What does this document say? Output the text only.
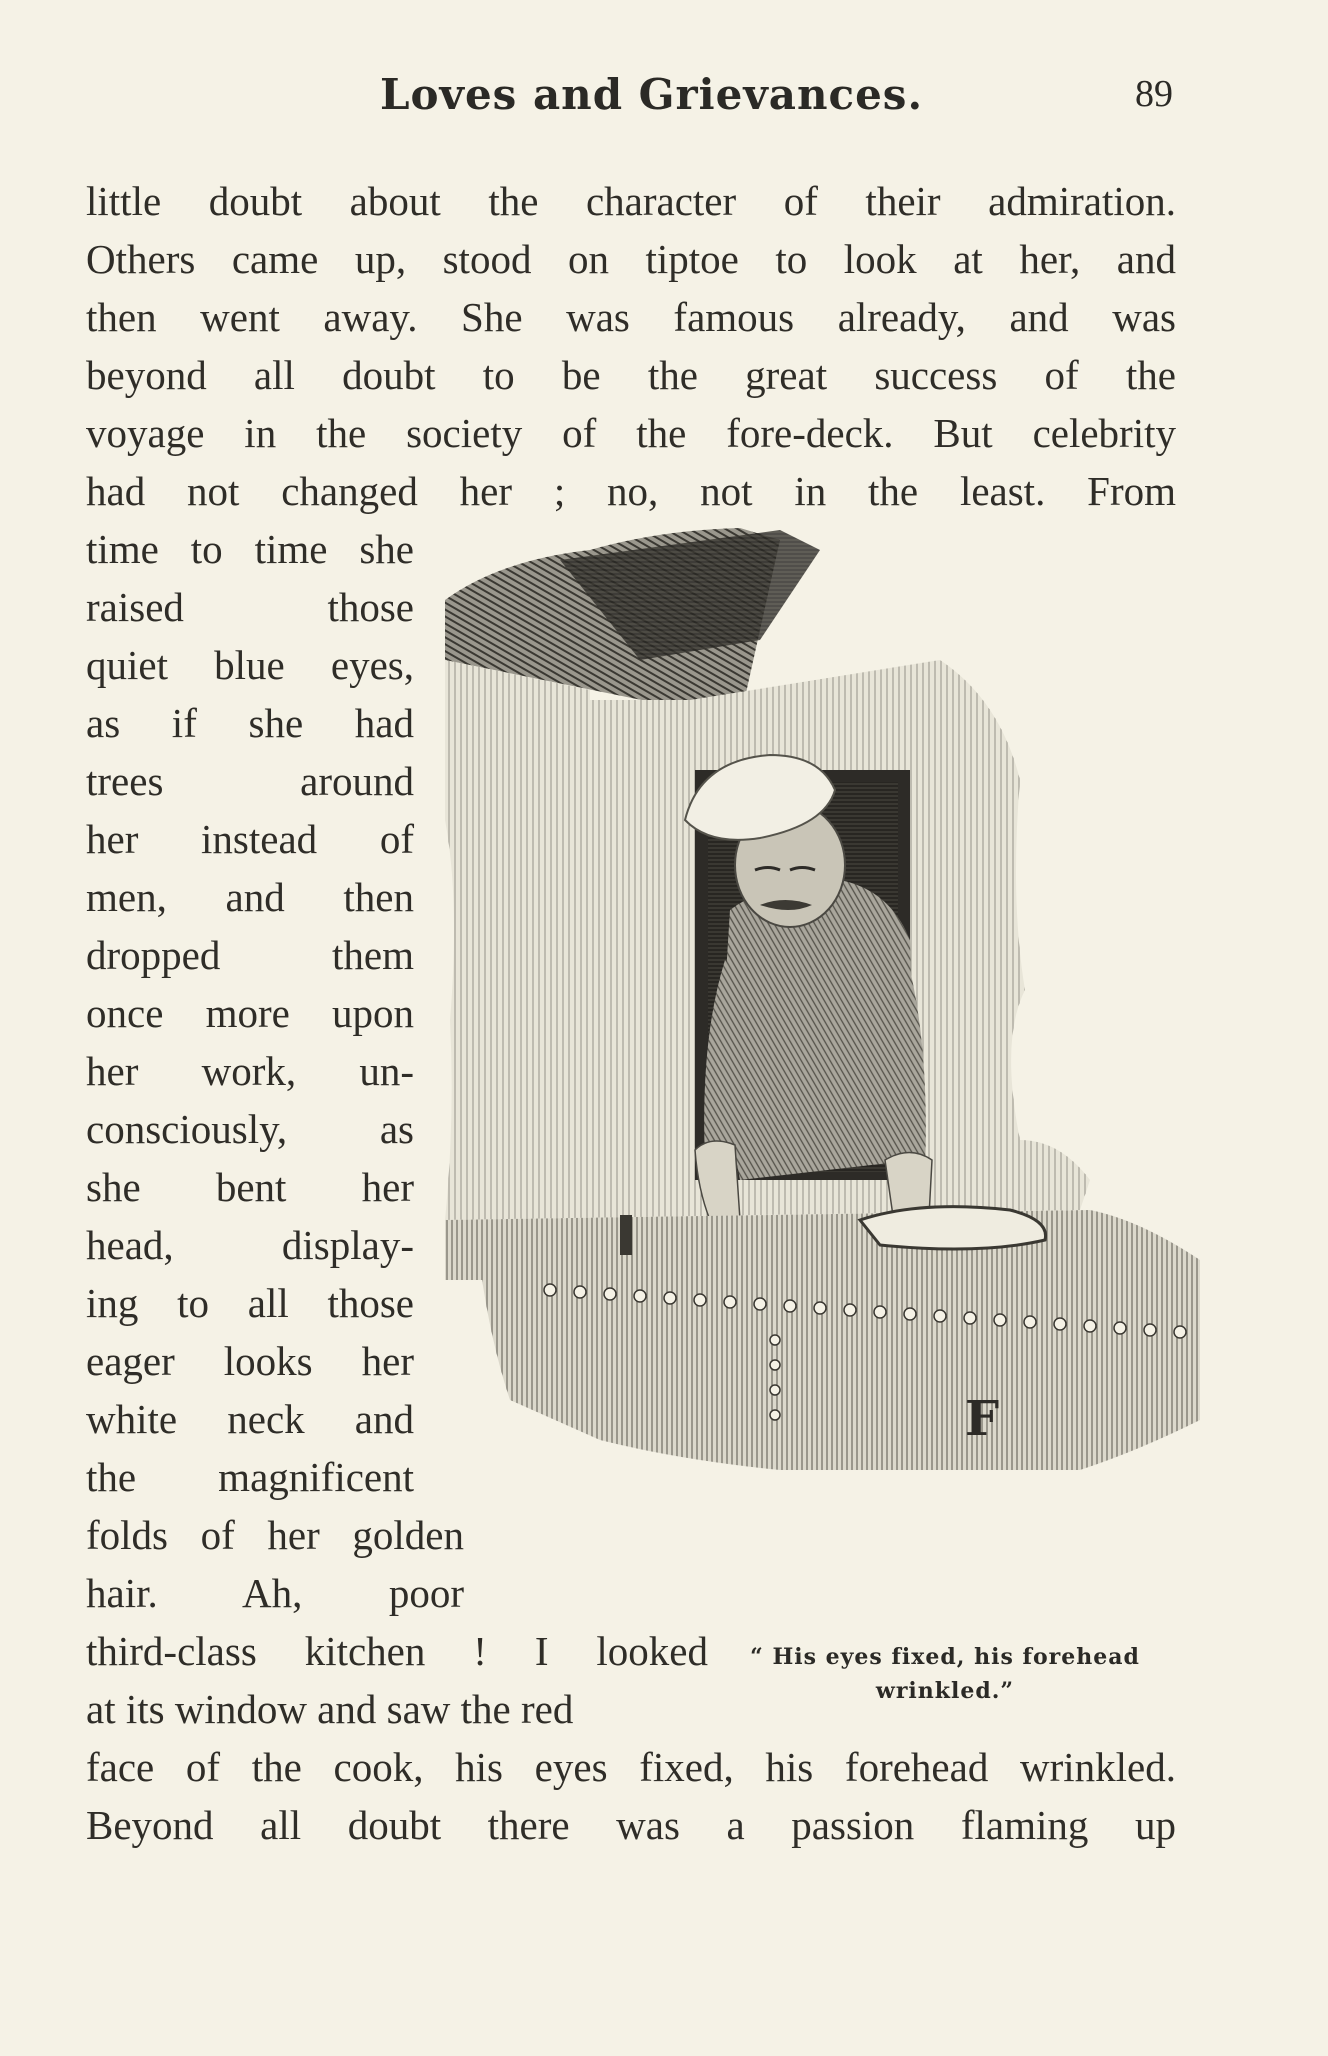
Loves and Grievances.	89
little doubt about the character of their admiration.
Others came up, stood on tiptoe to look at her, and
then went away. She was famous already, and was
beyond all doubt to be the great success of the
voyage in the society of the fore-deck. But celebrity
had not changed her ; no, not in the least. From
time to time she
raised those
quiet blue eyes,
as if she had
trees around
her instead of
men, and then
dropped them
once more upon
her work, un-
consciously, as
she bent her
head, display-
ing to all those
eager looks her
white neck and
the magnificent
folds of her golden
hair. Ah, poor
third-class kitchen ! I looked
at its window and saw the red
face of the cook, his eyes fixed, his forehead wrinkled.
Beyond all doubt there was a passion flaming up
F
“ His eyes fixed, his forehead
wrinkled.”
